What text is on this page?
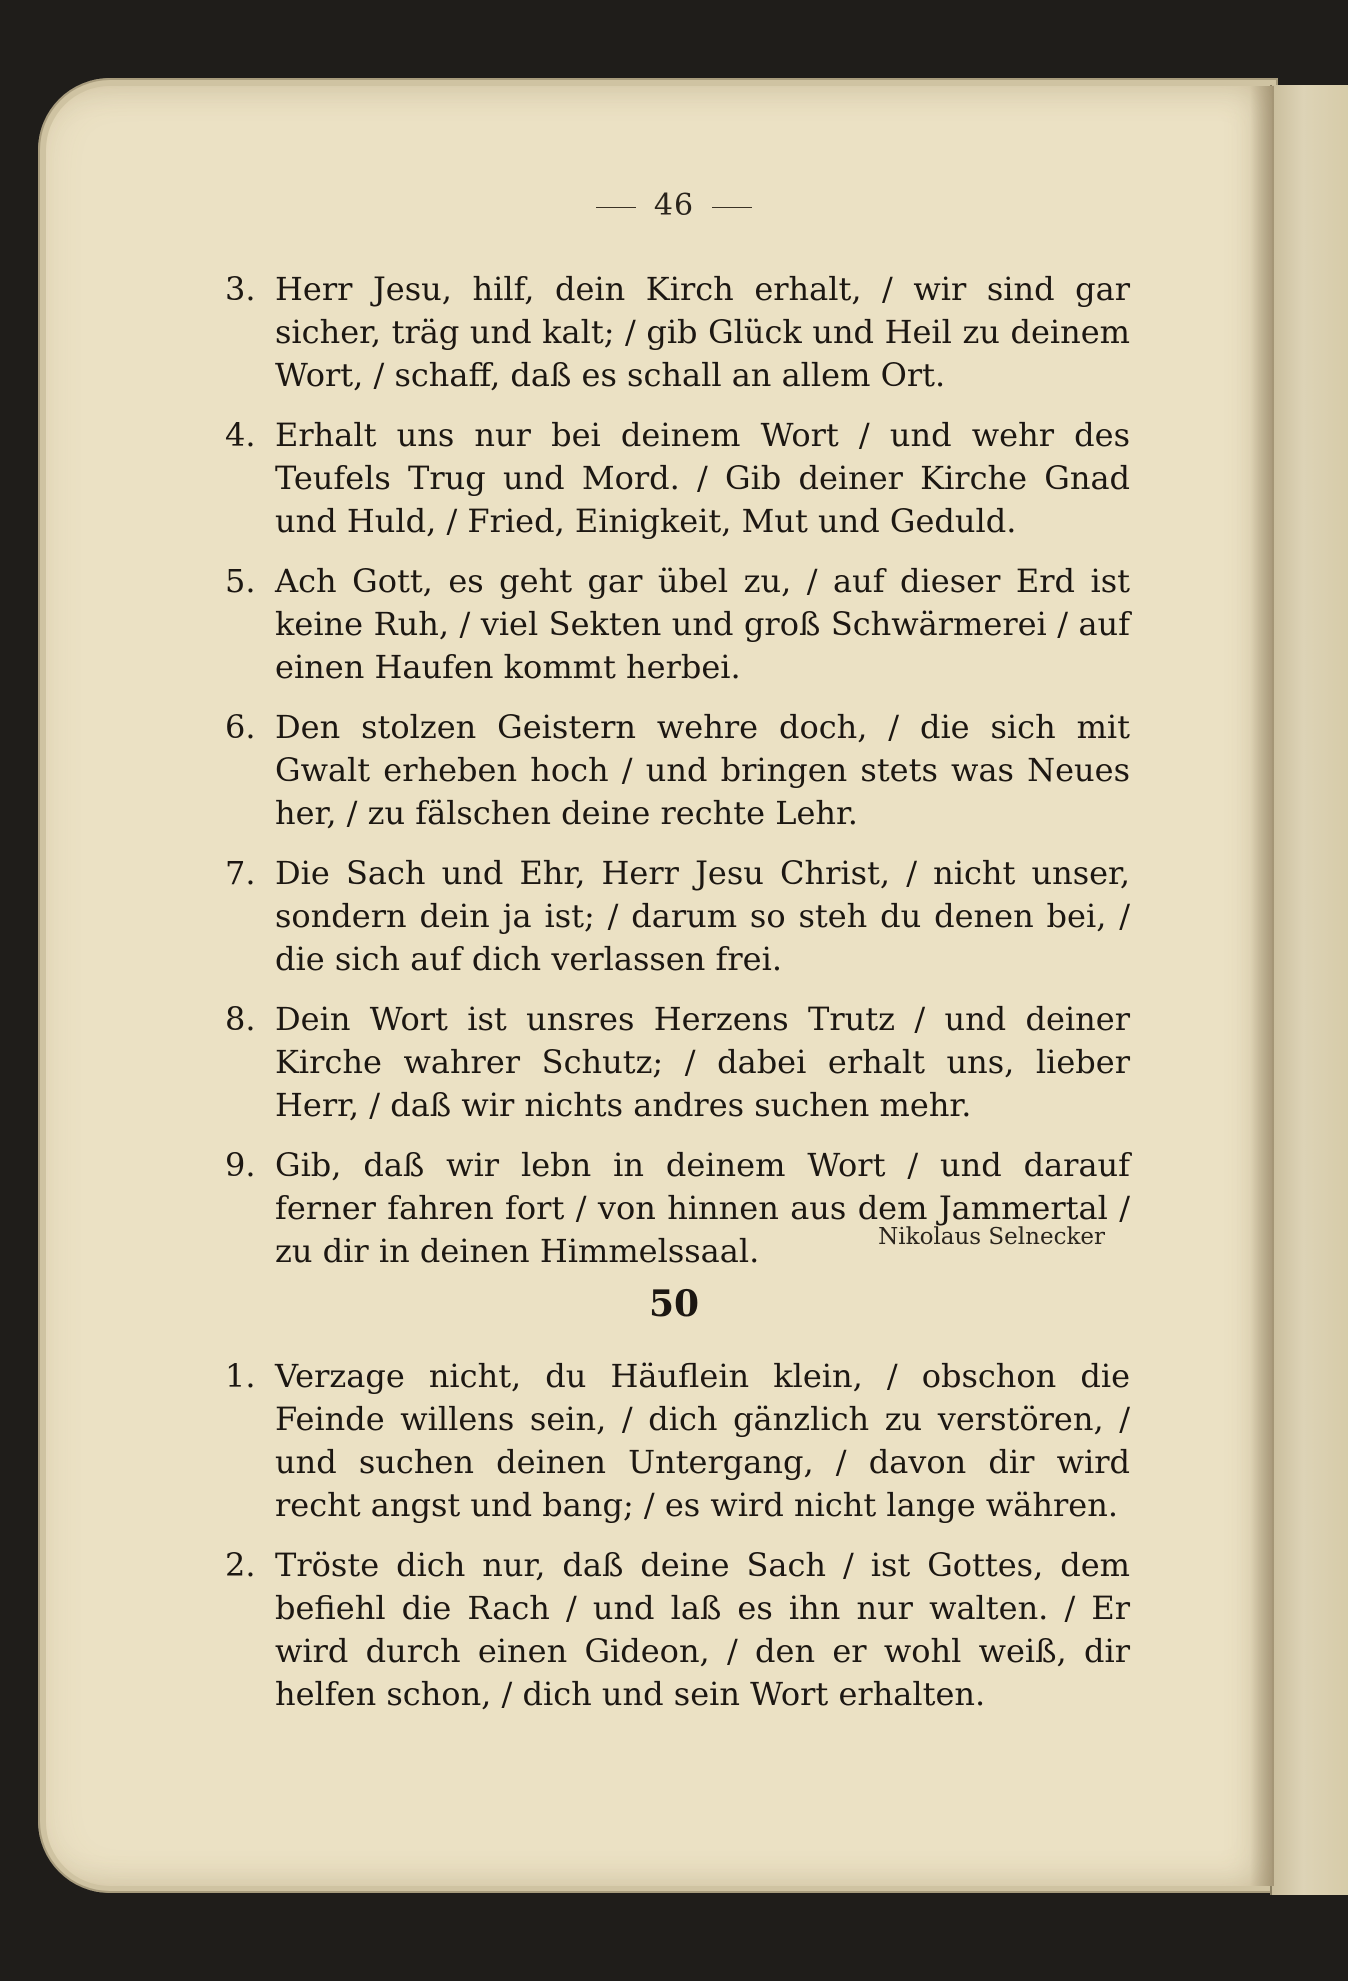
46
3. Herr Jesu, hilf, dein Kirch erhalt, / wir sind gar sicher, träg und kalt; / gib Glück und Heil zu deinem Wort, / schaff, daß es schall an allem Ort.
4. Erhalt uns nur bei deinem Wort / und wehr des Teufels Trug und Mord. / Gib deiner Kirche Gnad und Huld, / Fried, Einigkeit, Mut und Geduld.
5. Ach Gott, es geht gar übel zu, / auf dieser Erd ist keine Ruh, / viel Sekten und groß Schwärmerei / auf einen Haufen kommt herbei.
6. Den stolzen Geistern wehre doch, / die sich mit Gwalt erheben hoch / und bringen stets was Neues her, / zu fälschen deine rechte Lehr.
7. Die Sach und Ehr, Herr Jesu Christ, / nicht unser, sondern dein ja ist; / darum so steh du denen bei, / die sich auf dich verlassen frei.
8. Dein Wort ist unsres Herzens Trutz / und deiner Kirche wahrer Schutz; / dabei erhalt uns, lieber Herr, / daß wir nichts andres suchen mehr.
9. Gib, daß wir lebn in deinem Wort / und darauf ferner fahren fort / von hinnen aus dem Jammertal / zu dir in deinen Himmelssaal.	Nikolaus Selnecker
50
1. Verzage nicht, du Häuflein klein, / obschon die Feinde willens sein, / dich gänzlich zu verstören, / und suchen deinen Untergang, / davon dir wird recht angst und bang; / es wird nicht lange währen.
2. Tröste dich nur, daß deine Sach / ist Gottes, dem befiehl die Rach / und laß es ihn nur walten. / Er wird durch einen Gideon, / den er wohl weiß, dir helfen schon, / dich und sein Wort erhalten.
